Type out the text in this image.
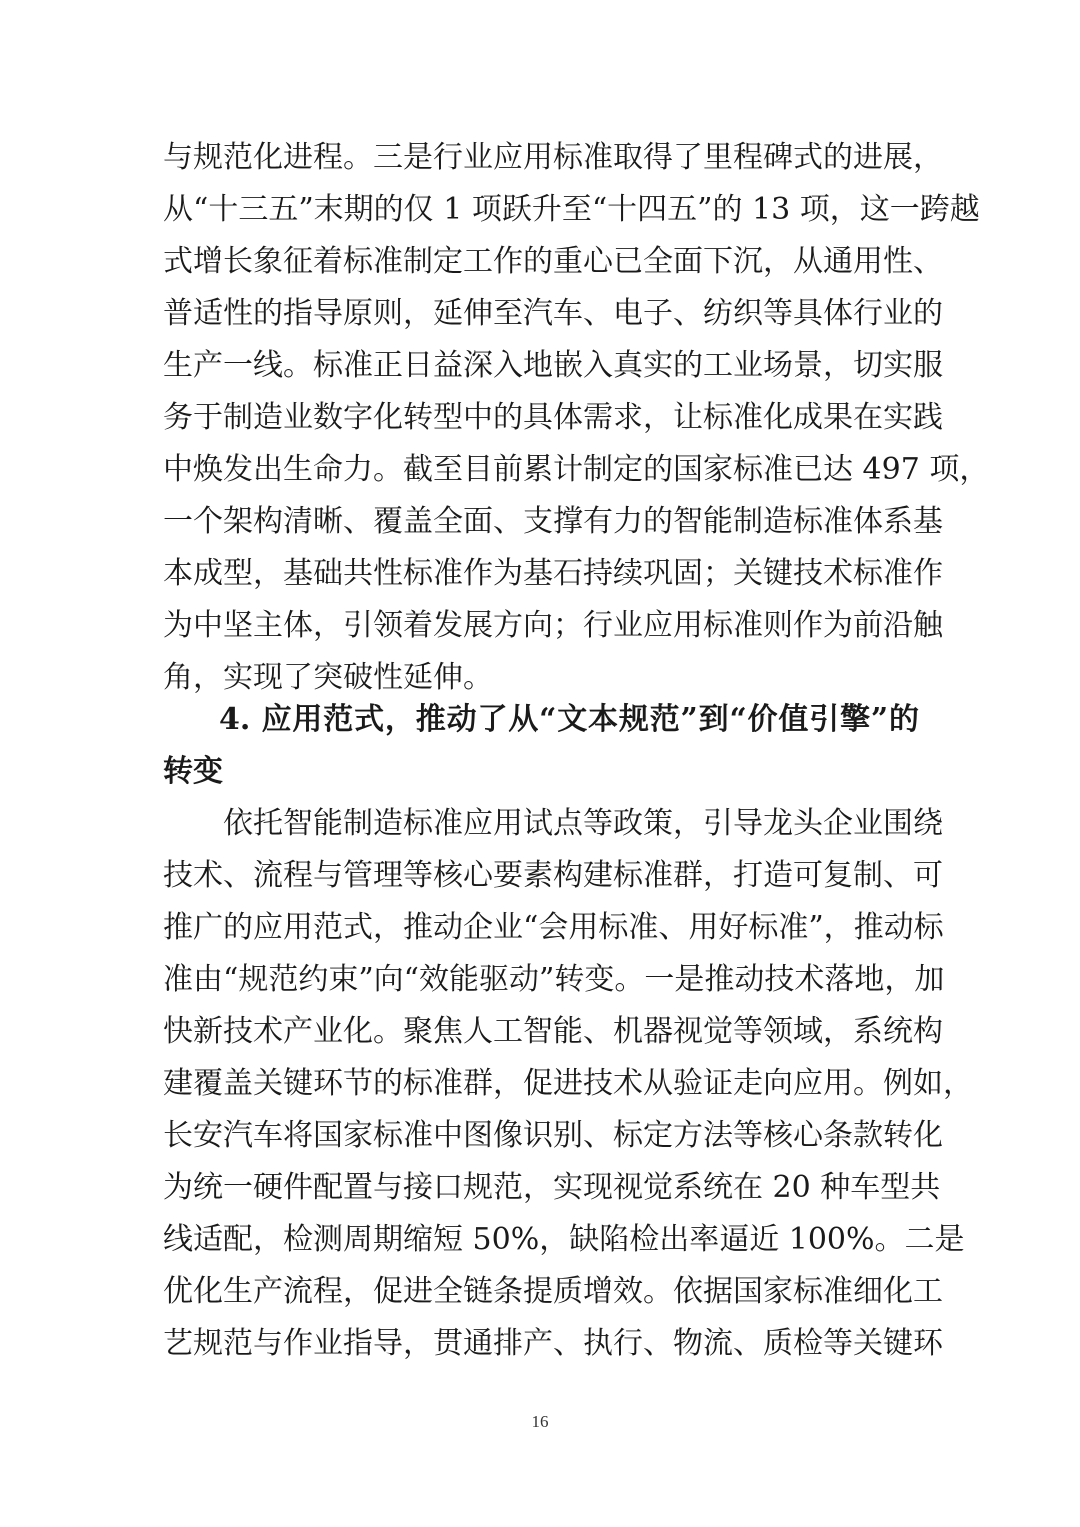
与规范化进程。三是行业应用标准取得了里程碑式的进展，
从“十三五”末期的仅 1 项跃升至“十四五”的 13 项，这一跨越
式增长象征着标准制定工作的重心已全面下沉，从通用性、
普适性的指导原则，延伸至汽车、电子、纺织等具体行业的
生产一线。标准正日益深入地嵌入真实的工业场景，切实服
务于制造业数字化转型中的具体需求，让标准化成果在实践
中焕发出生命力。截至目前累计制定的国家标准已达 497 项，
一个架构清晰、覆盖全面、支撑有力的智能制造标准体系基
本成型，基础共性标准作为基石持续巩固；关键技术标准作
为中坚主体，引领着发展方向；行业应用标准则作为前沿触
角，实现了突破性延伸。
4. 应用范式，推动了从“文本规范”到“价值引擎”的
转变
依托智能制造标准应用试点等政策，引导龙头企业围绕
技术、流程与管理等核心要素构建标准群，打造可复制、可
推广的应用范式，推动企业“会用标准、用好标准”，推动标
准由“规范约束”向“效能驱动”转变。一是推动技术落地，加
快新技术产业化。聚焦人工智能、机器视觉等领域，系统构
建覆盖关键环节的标准群，促进技术从验证走向应用。例如，
长安汽车将国家标准中图像识别、标定方法等核心条款转化
为统一硬件配置与接口规范，实现视觉系统在 20 种车型共
线适配，检测周期缩短 50%，缺陷检出率逼近 100%。二是
优化生产流程，促进全链条提质增效。依据国家标准细化工
艺规范与作业指导，贯通排产、执行、物流、质检等关键环
16
